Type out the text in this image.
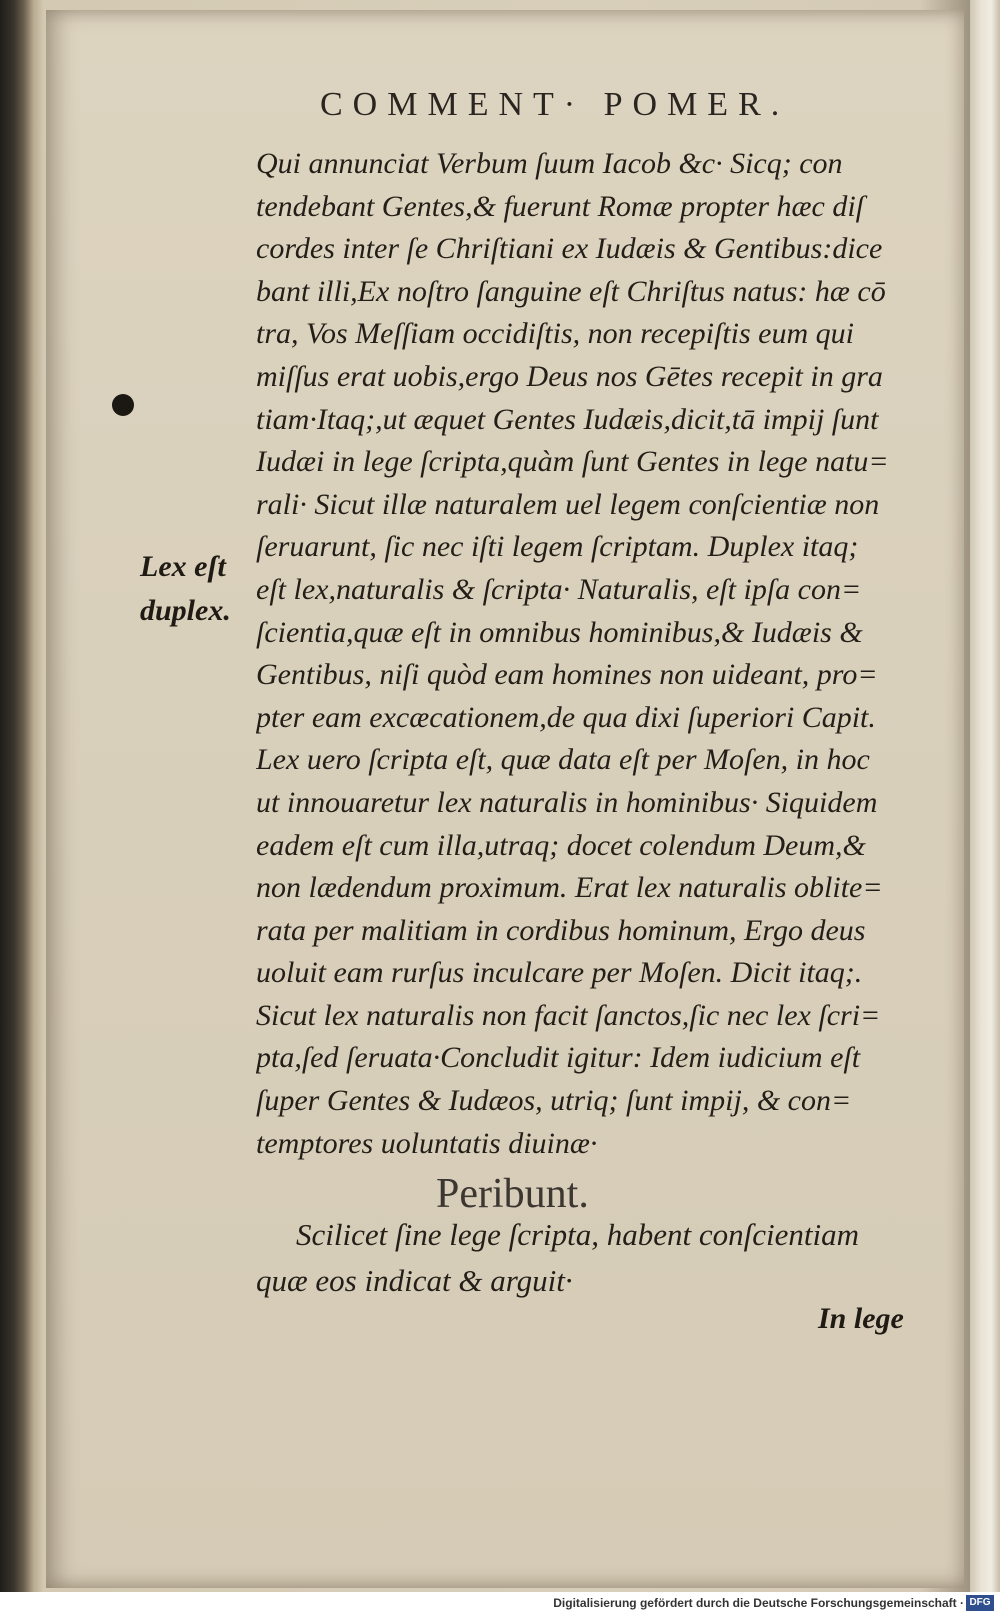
COMMENT· POMER.
Lex eſt
duplex.
Qui annunciat Verbum ſuum Iacob &c· Sicq; con
tendebant Gentes,& fuerunt Romæ propter hæc diſ
cordes inter ſe Chriſtiani ex Iudæis & Gentibus:dice
bant illi,Ex noſtro ſanguine eſt Chriſtus natus: hæ cō
tra, Vos Meſſiam occidiſtis, non recepiſtis eum qui
miſſus erat uobis,ergo Deus nos Gētes recepit in gra
tiam·Itaq;,ut æquet Gentes Iudæis,dicit,tā impij ſunt
Iudæi in lege ſcripta,quàm ſunt Gentes in lege natu=
rali· Sicut illæ naturalem uel legem conſcientiæ non
ſeruarunt, ſic nec iſti legem ſcriptam. Duplex itaq;
eſt lex,naturalis & ſcripta· Naturalis, eſt ipſa con=
ſcientia,quæ eſt in omnibus hominibus,& Iudæis &
Gentibus, niſi quòd eam homines non uideant, pro=
pter eam excæcationem,de qua dixi ſuperiori Capit.
Lex uero ſcripta eſt, quæ data eſt per Moſen, in hoc
ut innouaretur lex naturalis in hominibus· Siquidem
eadem eſt cum illa,utraq; docet colendum Deum,&
non lædendum proximum. Erat lex naturalis oblite=
rata per malitiam in cordibus hominum, Ergo deus
uoluit eam rurſus inculcare per Moſen. Dicit itaq;.
Sicut lex naturalis non facit ſanctos,ſic nec lex ſcri=
pta,ſed ſeruata·Concludit igitur: Idem iudicium eſt
ſuper Gentes & Iudæos, utriq; ſunt impij, & con=
temptores uoluntatis diuinæ·
Peribunt.
Scilicet ſine lege ſcripta, habent conſcientiam
quæ eos indicat & arguit·
In lege
Digitalisierung gefördert durch die Deutsche Forschungsgemeinschaft · DFG
